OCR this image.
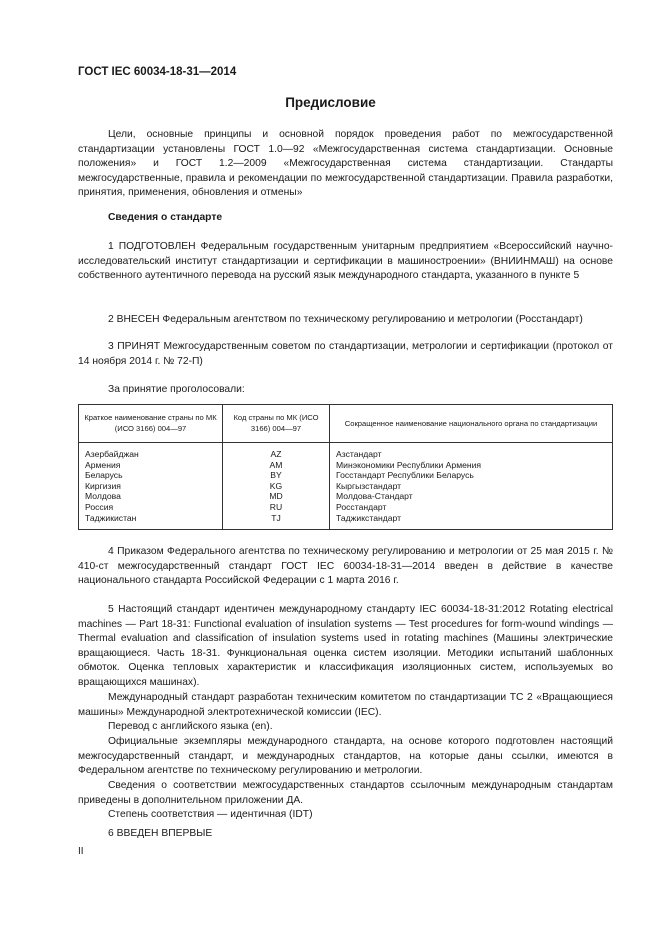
ГОСТ IEC 60034-18-31—2014
Предисловие

Цели, основные принципы и основной порядок проведения работ по межгосударственной стандартизации установлены ГОСТ 1.0—92 «Межгосударственная система стандартизации. Основные положения» и ГОСТ 1.2—2009 «Межгосударственная система стандартизации. Стандарты межгосударственные, правила и рекомендации по межгосударственной стандартизации. Правила разработки, принятия, применения, обновления и отмены»

Сведения о стандарте

1 ПОДГОТОВЛЕН Федеральным государственным унитарным предприятием «Всероссийский научно-исследовательский институт стандартизации и сертификации в машиностроении» (ВНИИНМАШ) на основе собственного аутентичного перевода на русский язык международного стандарта, указанного в пункте 5

2 ВНЕСЕН Федеральным агентством по техническому регулированию и метрологии (Росстандарт)

3 ПРИНЯТ Межгосударственным советом по стандартизации, метрологии и сертификации (протокол от 14 ноября 2014 г. № 72-П)

За принятие проголосовали:
Краткое наименование страны по МК (ИСО 3166) 004—97	Код страны по МК (ИСО 3166) 004—97	Сокращенное наименование национального органа по стандартизации
Азербайджан	AZ	Азстандарт
Армения	AM	Минэкономики Республики Армения
Беларусь	BY	Госстандарт Республики Беларусь
Киргизия	KG	Кыргызстандарт
Молдова	MD	Молдова-Стандарт
Россия	RU	Росстандарт
Таджикистан	TJ	Таджикстандарт

4 Приказом Федерального агентства по техническому регулированию и метрологии от 25 мая 2015 г. № 410-ст межгосударственный стандарт ГОСТ IEC 60034-18-31—2014 введен в действие в качестве национального стандарта Российской Федерации с 1 марта 2016 г.

5 Настоящий стандарт идентичен международному стандарту IEC 60034-18-31:2012 Rotating electrical machines — Part 18-31: Functional evaluation of insulation systems — Test procedures for form-wound windings — Thermal evaluation and classification of insulation systems used in rotating machines (Машины электрические вращающиеся. Часть 18-31. Функциональная оценка систем изоляции. Методики испытаний шаблонных обмоток. Оценка тепловых характеристик и классификация изоляционных систем, используемых во вращающихся машинах).

Международный стандарт разработан техническим комитетом по стандартизации ТС 2 «Вращающиеся машины» Международной электротехнической комиссии (IEC).

Перевод с английского языка (en).

Официальные экземпляры международного стандарта, на основе которого подготовлен настоящий межгосударственный стандарт, и международных стандартов, на которые даны ссылки, имеются в Федеральном агентстве по техническому регулированию и метрологии.

Сведения о соответствии межгосударственных стандартов ссылочным международным стандартам приведены в дополнительном приложении ДА.

Степень соответствия — идентичная (IDT)

6 ВВЕДЕН ВПЕРВЫЕ
II
